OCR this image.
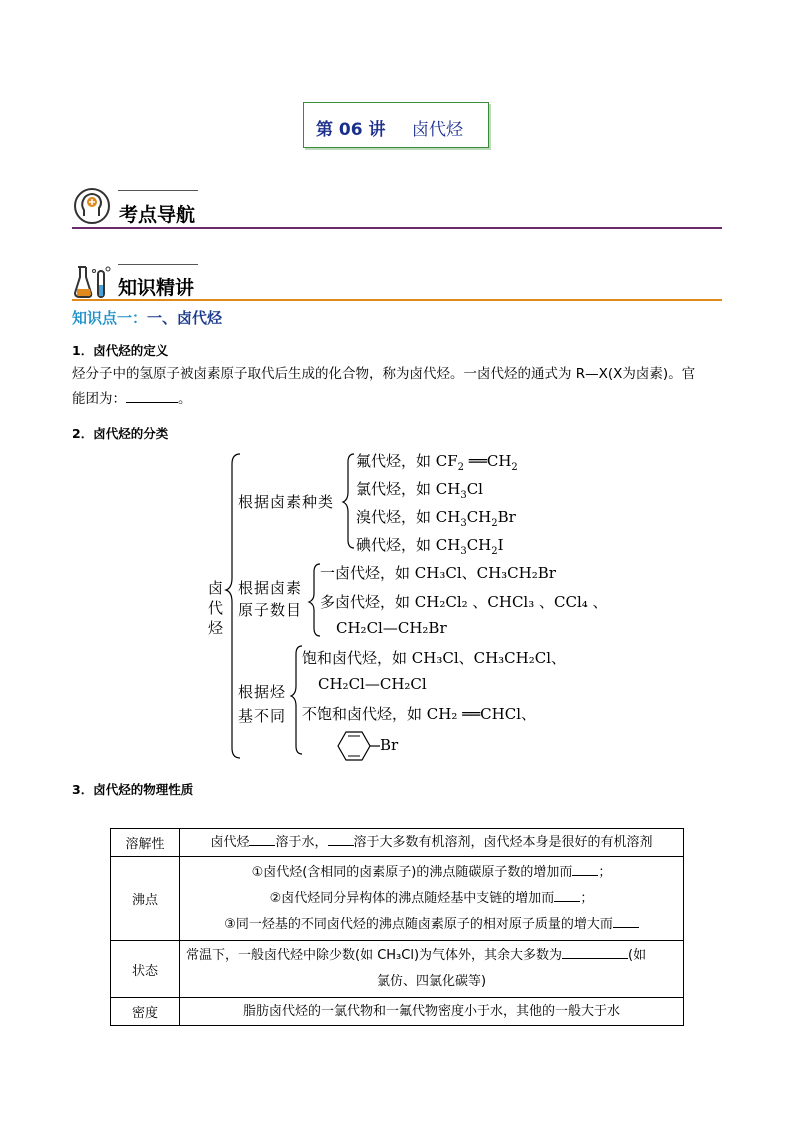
第 06 讲 卤代烃
考点导航
知识精讲
知识点一：一、卤代烃
1．卤代烃的定义
烃分子中的氢原子被卤素原子取代后生成的化合物，称为卤代烃。一卤代烃的通式为 R—X(X为卤素)。官
能团为：	。
2．卤代烃的分类
卤
代
烃
根据卤素种类
氟代烃，如 $CF_2$ $══CH_2$
氯代烃，如 $CH_3Cl$
溴代烃，如 $CH_3CH_2Br$
碘代烃，如 $CH_3CH_2I$
根据卤素
原子数目
一卤代烃，如 CH₃Cl、CH₃CH₂Br
多卤代烃，如 CH₂Cl₂ 、CHCl₃ 、CCl₄ 、
CH₂Cl—CH₂Br
根据烃
基不同
饱和卤代烃，如 CH₃Cl、CH₃CH₂Cl、
CH₂Cl—CH₂Cl
不饱和卤代烃，如 CH₂ ══CHCl、
Br
3．卤代烃的物理性质
溶解性	卤代烃 溶于水， 溶于大多数有机溶剂，卤代烃本身是很好的有机溶剂

沸点	①卤代烃(含相同的卤素原子)的沸点随碳原子数的增加而 ；
②卤代烃同分异构体的沸点随烃基中支链的增加而 ；
③同一烃基的不同卤代烃的沸点随卤素原子的相对原子质量的增大而

状态	常温下，一般卤代烃中除少数(如 CH₃Cl)为气体外，其余大多数为 (如
氯仿、四氯化碳等)

密度	脂肪卤代烃的一氯代物和一氟代物密度小于水，其他的一般大于水
